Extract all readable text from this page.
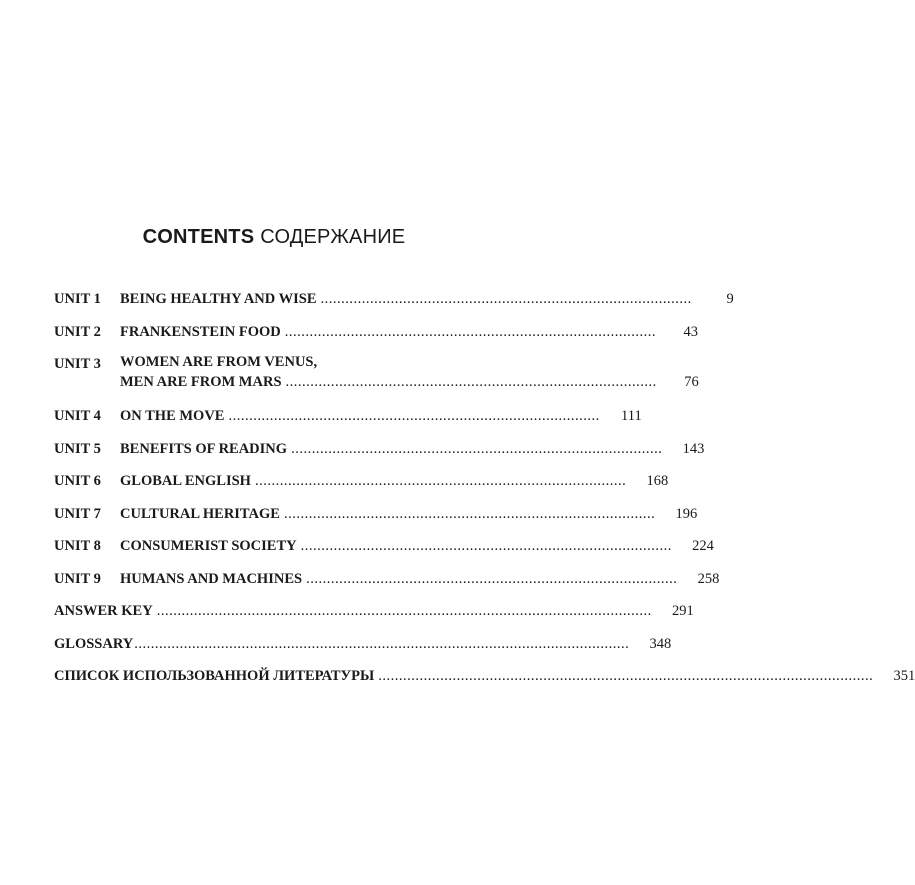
CONTENTS СОДЕРЖАНИЕ
UNIT 1	BEING HEALTHY AND WISE ..........................................................................................	9
UNIT 2	FRANKENSTEIN FOOD ..........................................................................................	43
UNIT 3	WOMEN ARE FROM VENUS,
MEN ARE FROM MARS ..........................................................................................	76
UNIT 4	ON THE MOVE ..........................................................................................	111
UNIT 5	BENEFITS OF READING ..........................................................................................	143
UNIT 6	GLOBAL ENGLISH ..........................................................................................	168
UNIT 7	CULTURAL HERITAGE ..........................................................................................	196
UNIT 8	CONSUMERIST SOCIETY ..........................................................................................	224
UNIT 9	HUMANS AND MACHINES ..........................................................................................	258
ANSWER KEY ........................................................................................................................	291
GLOSSARY ........................................................................................................................	348
СПИСОК ИСПОЛЬЗОВАННОЙ ЛИТЕРАТУРЫ ........................................................................................................................	351
